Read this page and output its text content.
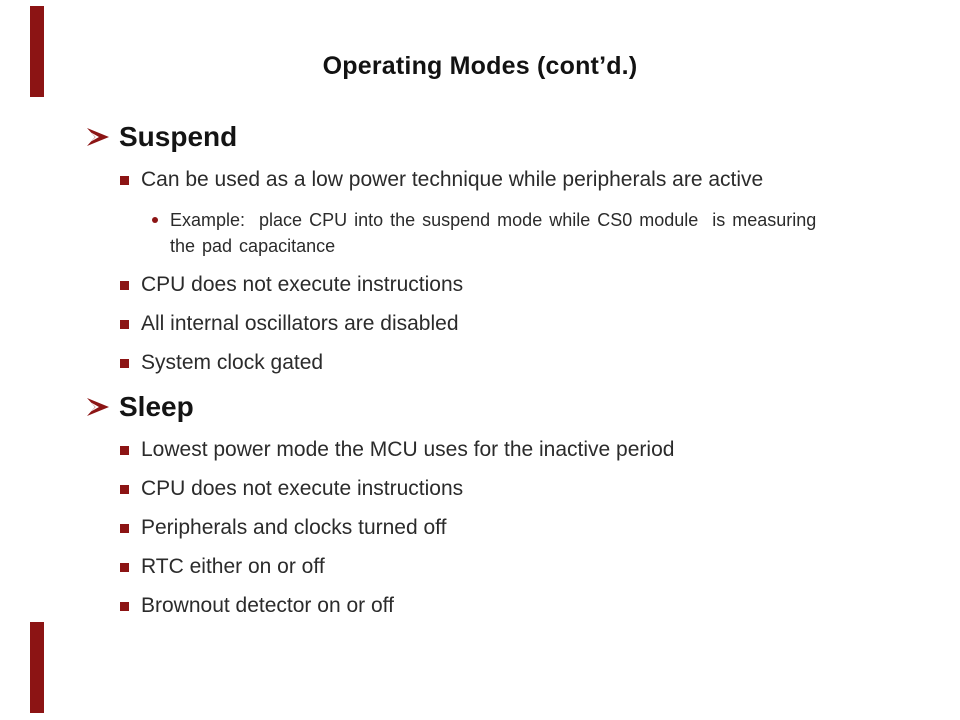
Operating Modes (cont’d.)
Suspend
Can be used as a low power technique while peripherals are active
Example:  place CPU into the suspend mode while CS0 module  is measuring
the pad capacitance
CPU does not execute instructions
All internal oscillators are disabled
System clock gated
Sleep
Lowest power mode the MCU uses for the inactive period
CPU does not execute instructions
Peripherals and clocks turned off
RTC either on or off
Brownout detector on or off
